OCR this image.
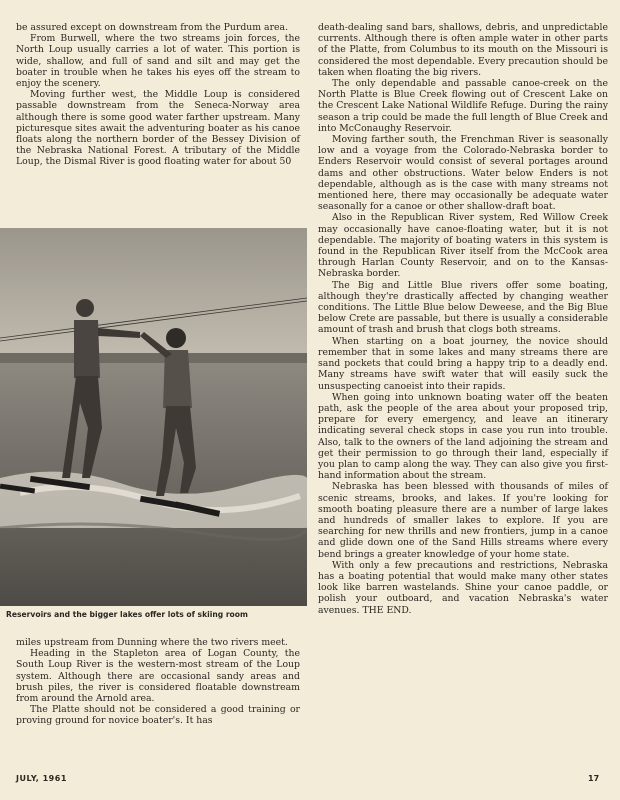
be assured except on downstream from the Purdum area.

From Burwell, where the two streams join forces, the North Loup usually carries a lot of water. This portion is wide, shallow, and full of sand and silt and may get the boater in trouble when he takes his eyes off the stream to enjoy the scenery.

Moving further west, the Middle Loup is considered passable downstream from the Seneca-Norway area although there is some good water farther upstream. Many picturesque sites await the adventuring boater as his canoe floats along the northern border of the Bessey Division of the Nebraska National Forest. A tributary of the Middle Loup, the Dismal River is good floating water for about 50

Reservoirs and the bigger lakes offer lots of skiing room

miles upstream from Dunning where the two rivers meet.

Heading in the Stapleton area of Logan County, the South Loup River is the western-most stream of the Loup system. Although there are occasional sandy areas and brush piles, the river is considered floatable downstream from around the Arnold area.

The Platte should not be considered a good training or proving ground for novice boater's. It has

death-dealing sand bars, shallows, debris, and unpredictable currents. Although there is often ample water in other parts of the Platte, from Columbus to its mouth on the Missouri is considered the most dependable. Every precaution should be taken when floating the big rivers.

The only dependable and passable canoe-creek on the North Platte is Blue Creek flowing out of Crescent Lake on the Crescent Lake National Wildlife Refuge. During the rainy season a trip could be made the full length of Blue Creek and into McConaughy Reservoir.

Moving farther south, the Frenchman River is seasonally low and a voyage from the Colorado-Nebraska border to Enders Reservoir would consist of several portages around dams and other obstructions. Water below Enders is not dependable, although as is the case with many streams not mentioned here, there may occasionally be adequate water seasonally for a canoe or other shallow-draft boat.

Also in the Republican River system, Red Willow Creek may occasionally have canoe-floating water, but it is not dependable. The majority of boating waters in this system is found in the Republican River itself from the McCook area through Harlan County Reservoir, and on to the Kansas-Nebraska border.

The Big and Little Blue rivers offer some boating, although they're drastically affected by changing weather conditions. The Little Blue below Deweese, and the Big Blue below Crete are passable, but there is usually a considerable amount of trash and brush that clogs both streams.

When starting on a boat journey, the novice should remember that in some lakes and many streams there are sand pockets that could bring a happy trip to a deadly end. Many streams have swift water that will easily suck the unsuspecting canoeist into their rapids.

When going into unknown boating water off the beaten path, ask the people of the area about your proposed trip, prepare for every emergency, and leave an itinerary indicating several check stops in case you run into trouble. Also, talk to the owners of the land adjoining the stream and get their permission to go through their land, especially if you plan to camp along the way. They can also give you first-hand information about the stream.

Nebraska has been blessed with thousands of miles of scenic streams, brooks, and lakes. If you're looking for smooth boating pleasure there are a number of large lakes and hundreds of smaller lakes to explore. If you are searching for new thrills and new frontiers, jump in a canoe and glide down one of the Sand Hills streams where every bend brings a greater knowledge of your home state.

With only a few precautions and restrictions, Nebraska has a boating potential that would make many other states look like barren wastelands. Shine your canoe paddle, or polish your outboard, and vacation Nebraska's water avenues. THE END.

JULY, 1961	17
